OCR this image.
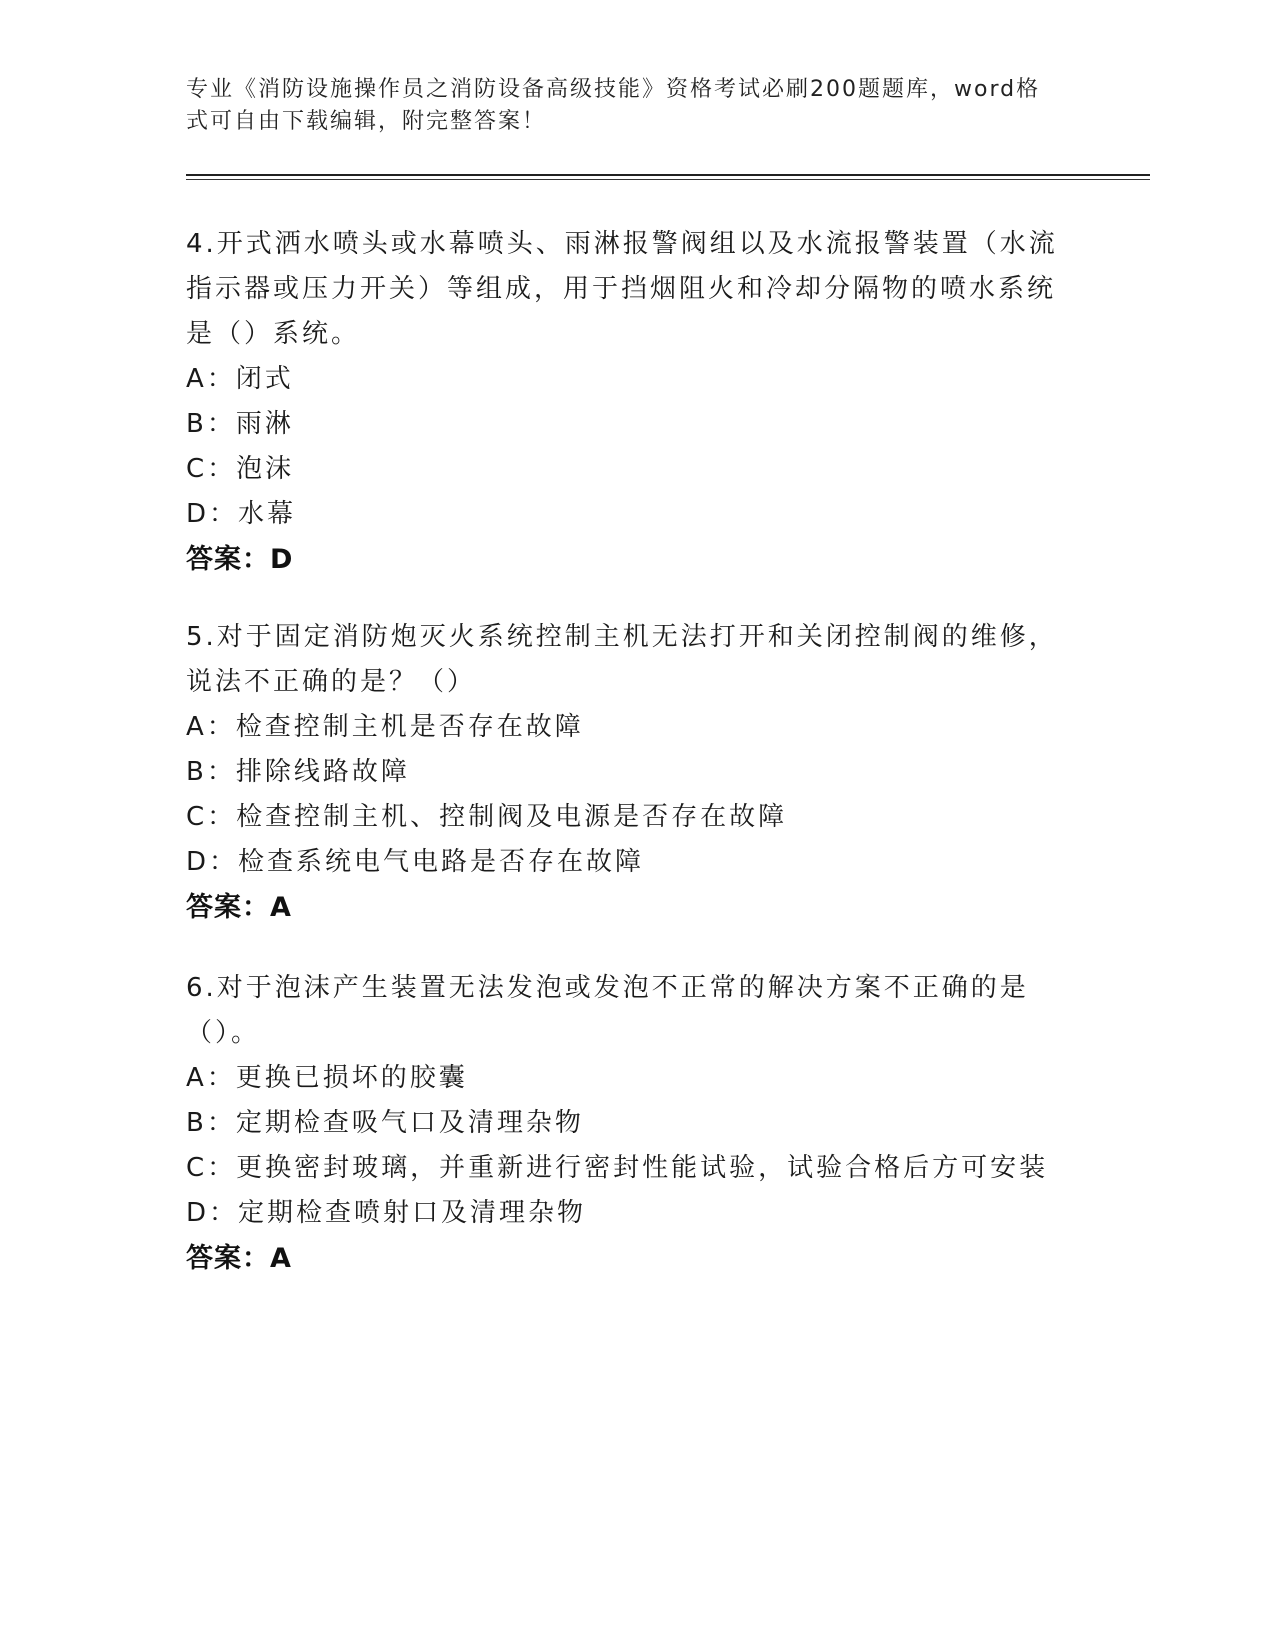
专业《消防设施操作员之消防设备高级技能》资格考试必刷200题题库，word格式可自由下载编辑，附完整答案！
4.开式洒水喷头或水幕喷头、雨淋报警阀组以及水流报警装置（水流指示器或压力开关）等组成，用于挡烟阻火和冷却分隔物的喷水系统是（）系统。
A：闭式
B：雨淋
C：泡沫
D：水幕
答案：D
5.对于固定消防炮灭火系统控制主机无法打开和关闭控制阀的维修，说法不正确的是？（）
A：检查控制主机是否存在故障
B：排除线路故障
C：检查控制主机、控制阀及电源是否存在故障
D：检查系统电气电路是否存在故障
答案：A
6.对于泡沫产生装置无法发泡或发泡不正常的解决方案不正确的是（）。
A：更换已损坏的胶囊
B：定期检查吸气口及清理杂物
C：更换密封玻璃，并重新进行密封性能试验，试验合格后方可安装
D：定期检查喷射口及清理杂物
答案：A
